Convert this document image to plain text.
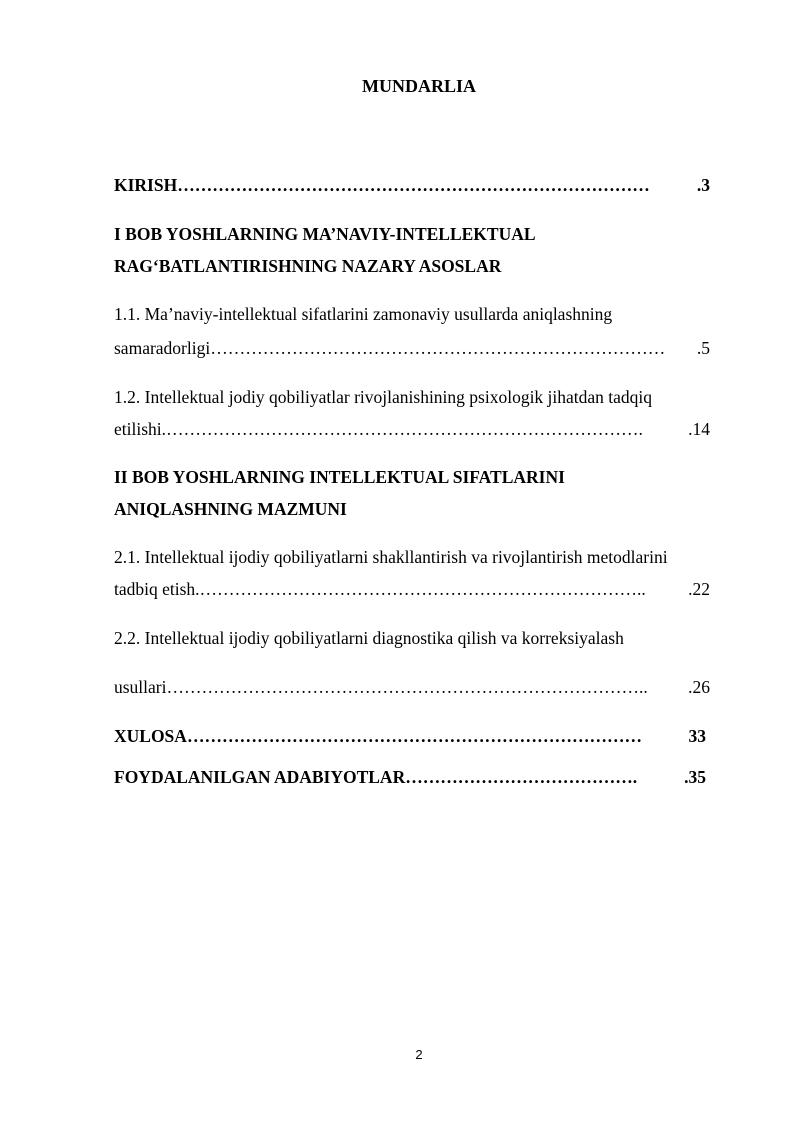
MUNDARLIA
KIRISH ………………………………………………………………………	.3
I BOB YOSHLARNING MA’NAVIY-INTELLEKTUAL
RAG‘BATLANTIRISHNING NAZARY ASOSLAR
1.1. Ma’naviy-intellektual sifatlarini zamonaviy usullarda aniqlashning
samaradorligi ……………………………………………………………………	.5
1.2. Intellektual jodiy qobiliyatlar rivojlanishining psixologik jihatdan tadqiq
etilishi. ……………………………………………………………………….	.14
II BOB YOSHLARNING INTELLEKTUAL SIFATLARINI
ANIQLASHNING MAZMUNI
2.1. Intellektual ijodiy qobiliyatlarni shakllantirish va rivojlantirish metodlarini
tadbiq etish. …………………………………………………………………..	.22
2.2. Intellektual ijodiy qobiliyatlarni diagnostika qilish va korreksiyalash
usullari ………………………………………………………………………..	.26
XULOSA ……………………………………………………………………	33
FOYDALANILGAN ADABIYOTLAR ………………………………….	.35
2
